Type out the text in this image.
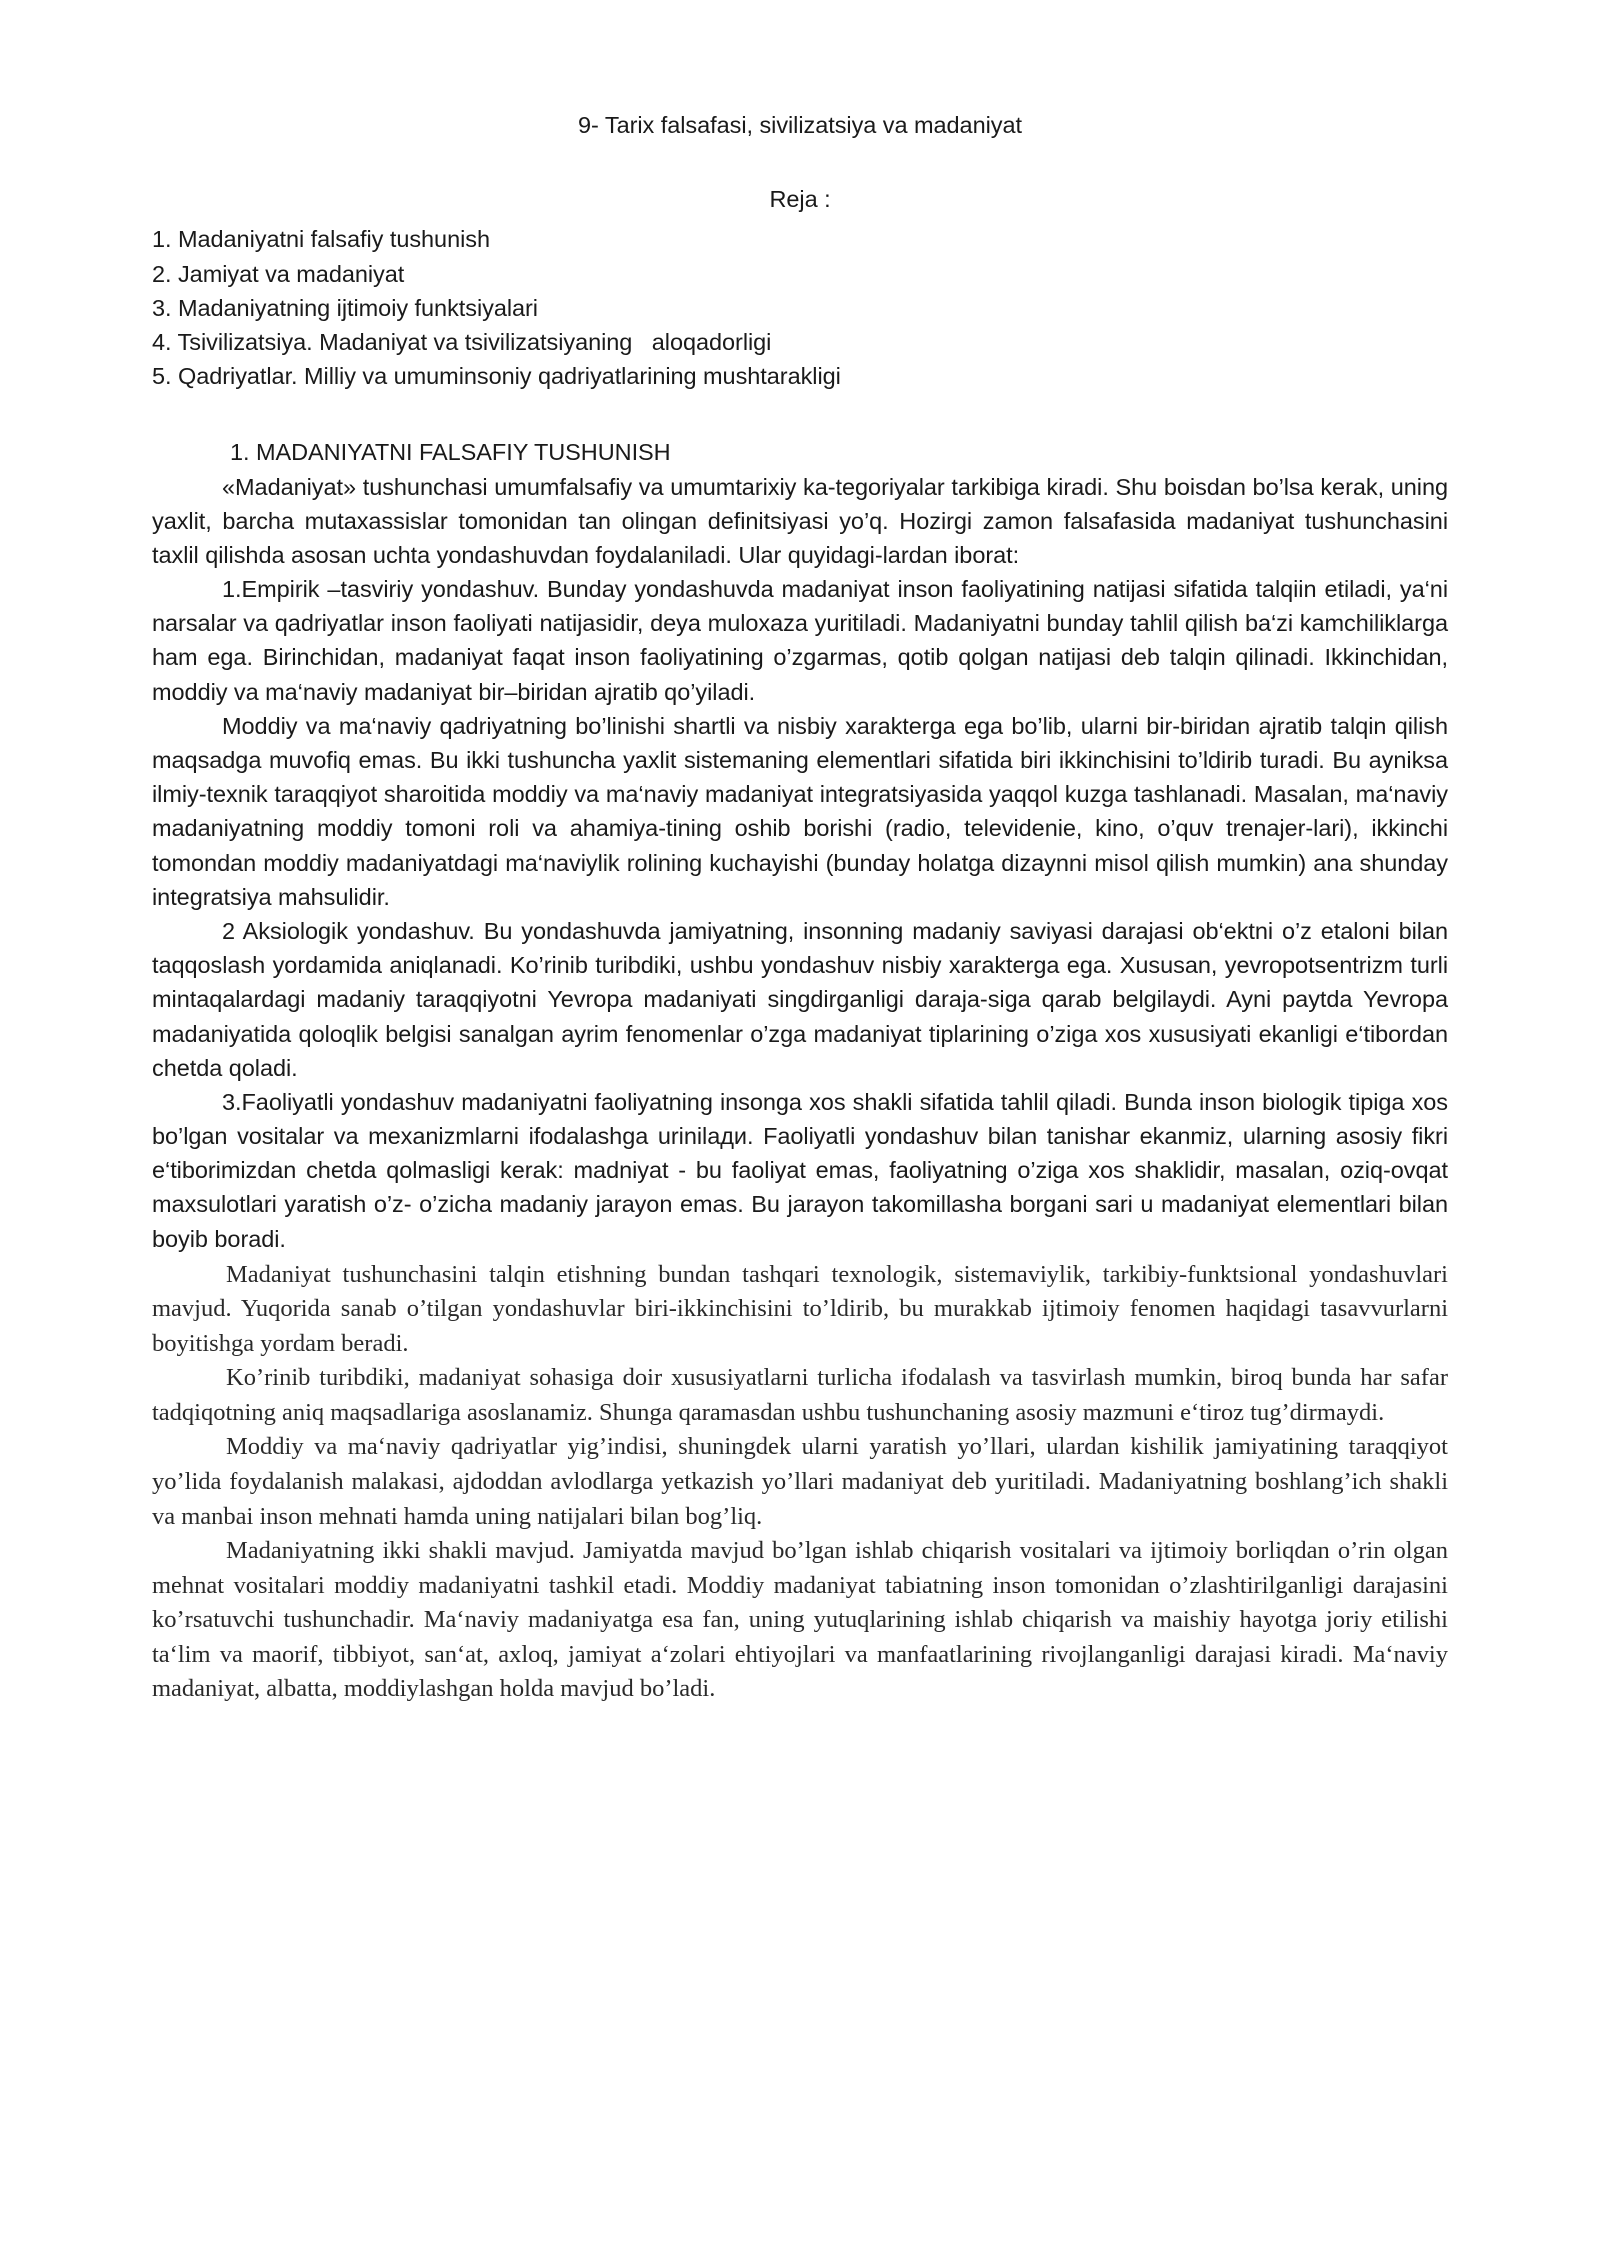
9- Tarix falsafasi, sivilizatsiya va madaniyat
Reja :
1. Madaniyatni falsafiy tushunish
2. Jamiyat va madaniyat
3. Madaniyatning ijtimoiy funktsiyalari
4. Tsivilizatsiya. Madaniyat va tsivilizatsiyaning   aloqadorligi
5. Qadriyatlar. Milliy va umuminsoniy qadriyatlarining mushtarakligi
1. MADANIYATNI FALSAFIY TUSHUNISH

«Madaniyat» tushunchasi umumfalsafiy va umumtarixiy ka-tegoriyalar tarkibiga kiradi. Shu boisdan bo’lsa kerak, uning yaxlit, barcha mutaxassislar tomonidan tan olingan definitsiyasi yo’q. Hozirgi zamon falsafasida madaniyat tushunchasini taxlil qilishda asosan uchta yondashuvdan foydalaniladi. Ular quyidagi-lardan iborat:

1.Empirik –tasviriy yondashuv. Bunday yondashuvda madaniyat inson faoliyatining natijasi sifatida talqiin etiladi, ya‘ni narsalar va qadriyatlar inson faoliyati natijasidir, deya muloxaza yuritiladi. Madaniyatni bunday tahlil qilish ba‘zi kamchiliklarga ham ega. Birinchidan, madaniyat faqat inson faoliyatining o’zgarmas, qotib qolgan natijasi deb talqin qilinadi. Ikkinchidan, moddiy va ma‘naviy madaniyat bir–biridan ajratib qo’yiladi.

Moddiy va ma‘naviy qadriyatning bo’linishi shartli va nisbiy xarakterga ega bo’lib, ularni bir-biridan ajratib talqin qilish maqsadga muvofiq emas. Bu ikki tushuncha yaxlit sistemaning elementlari sifatida biri ikkinchisini to’ldirib turadi. Bu ayniksa ilmiy-texnik taraqqiyot sharoitida moddiy va ma‘naviy madaniyat integratsiyasida yaqqol kuzga tashlanadi. Masalan, ma‘naviy madaniyatning moddiy tomoni roli va ahamiya-tining oshib borishi (radio, televidenie, kino, o’quv trenajer-lari), ikkinchi tomondan moddiy madaniyatdagi ma‘naviylik rolining kuchayishi (bunday holatga dizaynni misol qilish mumkin) ana shunday integratsiya mahsulidir.

2 Aksiologik yondashuv. Bu yondashuvda jamiyatning, insonning madaniy saviyasi darajasi ob‘ektni o’z etaloni bilan taqqoslash yordamida aniqlanadi. Ko’rinib turibdiki, ushbu yondashuv nisbiy xarakterga ega. Xususan, yevropotsentrizm turli mintaqalardagi madaniy taraqqiyotni Yevropa madaniyati singdirganligi daraja-siga qarab belgilaydi. Ayni paytda Yevropa madaniyatida qoloqlik belgisi sanalgan ayrim fenomenlar o’zga madaniyat tiplarining o’ziga xos xususiyati ekanligi e‘tibordan chetda qoladi.

3.Faoliyatli yondashuv madaniyatni faoliyatning insonga xos shakli sifatida tahlil qiladi. Bunda inson biologik tipiga xos bo’lgan vositalar va mexanizmlarni ifodalashga urinilади. Faoliyatli yondashuv bilan tanishar ekanmiz, ularning asosiy fikri e‘tiborimizdan chetda qolmasligi kerak: madniyat - bu faoliyat emas, faoliyatning o’ziga xos shaklidir, masalan, oziq-ovqat maxsulotlari yaratish o’z- o’zicha madaniy jarayon emas. Bu jarayon takomillasha borgani sari u madaniyat elementlari bilan boyib boradi.

Madaniyat tushunchasini talqin etishning bundan tashqari texnologik, sistemaviylik, tarkibiy-funktsional yondashuvlari mavjud. Yuqorida sanab o’tilgan yondashuvlar biri-ikkinchisini to’ldirib, bu murakkab ijtimoiy fenomen haqidagi tasavvurlarni boyitishga yordam beradi.

Ko’rinib turibdiki, madaniyat sohasiga doir xususiyatlarni turlicha ifodalash va tasvirlash mumkin, biroq bunda har safar tadqiqotning aniq maqsadlariga asoslanamiz. Shunga qaramasdan ushbu tushunchaning asosiy mazmuni e‘tiroz tug’dirmaydi.

Moddiy va ma‘naviy qadriyatlar yig’indisi, shuningdek ularni yaratish yo’llari, ulardan kishilik jamiyatining taraqqiyot yo’lida foydalanish malakasi, ajdoddan avlodlarga yetkazish yo’llari madaniyat deb yuritiladi. Madaniyatning boshlang’ich shakli va manbai inson mehnati hamda uning natijalari bilan bog’liq.

Madaniyatning ikki shakli mavjud. Jamiyatda mavjud bo’lgan ishlab chiqarish vositalari va ijtimoiy borliqdan o’rin olgan mehnat vositalari moddiy madaniyatni tashkil etadi. Moddiy madaniyat tabiatning inson tomonidan o’zlashtirilganligi darajasini ko’rsatuvchi tushunchadir. Ma‘naviy madaniyatga esa fan, uning yutuqlarining ishlab chiqarish va maishiy hayotga joriy etilishi ta‘lim va maorif, tibbiyot, san‘at, axloq, jamiyat a‘zolari ehtiyojlari va manfaatlarining rivojlanganligi darajasi kiradi. Ma‘naviy madaniyat, albatta, moddiylashgan holda mavjud bo’ladi.
